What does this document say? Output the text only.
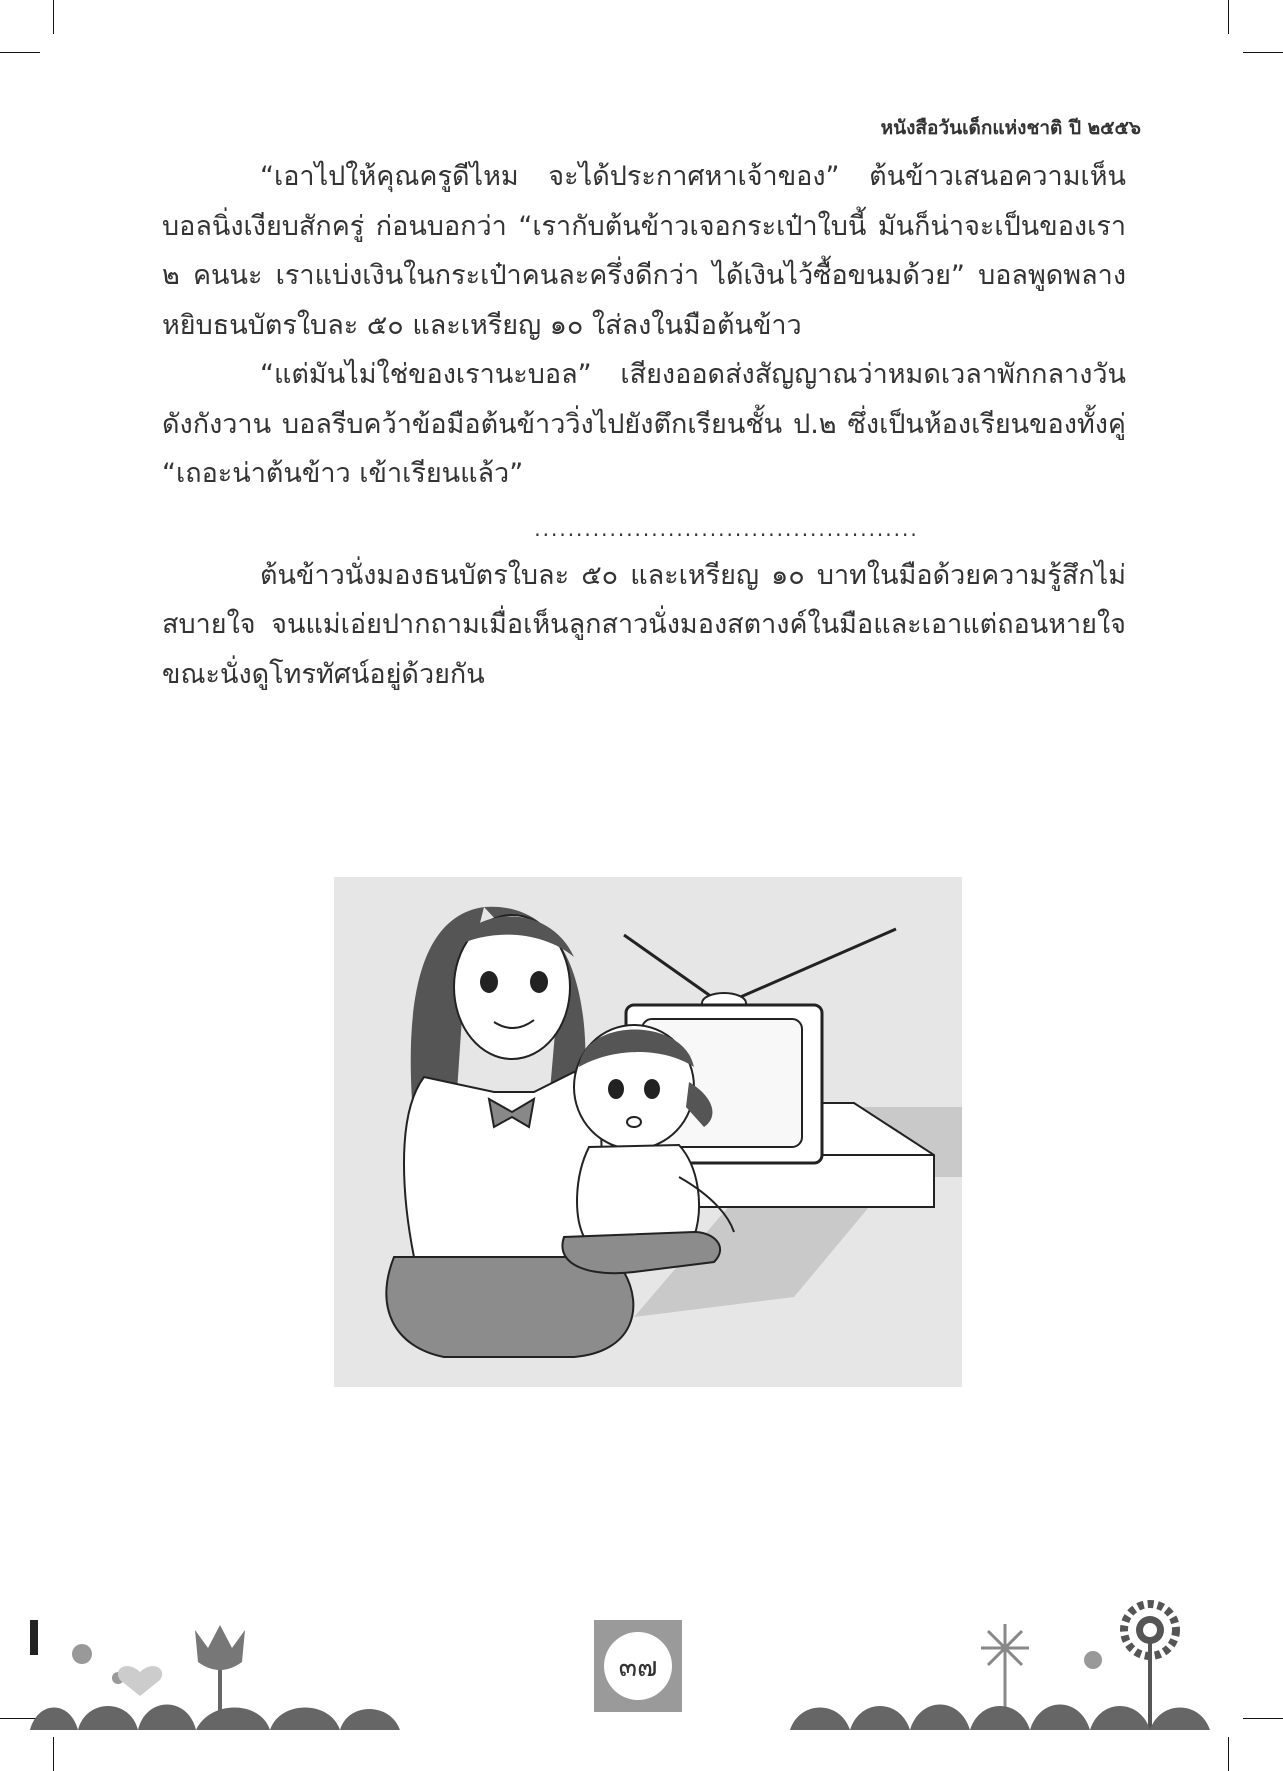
หนังสือวันเด็กแห่งชาติ ปี ๒๕๕๖

“เอาไปให้คุณครูดีไหม จะได้ประกาศหาเจ้าของ” ต้นข้าวเสนอความเห็น บอลนิ่งเงียบสักครู่ ก่อนบอกว่า “เรากับต้นข้าวเจอกระเป๋าใบนี้ มันก็น่าจะเป็นของเรา ๒ คนนะ เราแบ่งเงินในกระเป๋าคนละครึ่งดีกว่า ได้เงินไว้ซื้อขนมด้วย” บอลพูดพลางหยิบธนบัตรใบละ ๕๐ และเหรียญ ๑๐ ใส่ลงในมือต้นข้าว

“แต่มันไม่ใช่ของเรานะบอล” เสียงออดส่งสัญญาณว่าหมดเวลาพักกลางวันดังกังวาน บอลรีบคว้าข้อมือต้นข้าววิ่งไปยังตึกเรียนชั้น ป.๒ ซึ่งเป็นห้องเรียนของทั้งคู่ “เถอะน่าต้นข้าว เข้าเรียนแล้ว”

..............................................

ต้นข้าวนั่งมองธนบัตรใบละ ๕๐ และเหรียญ ๑๐ บาทในมือด้วยความรู้สึกไม่สบายใจ จนแม่เอ่ยปากถามเมื่อเห็นลูกสาวนั่งมองสตางค์ในมือและเอาแต่ถอนหายใจ ขณะนั่งดูโทรทัศน์อยู่ด้วยกัน

๓๗
